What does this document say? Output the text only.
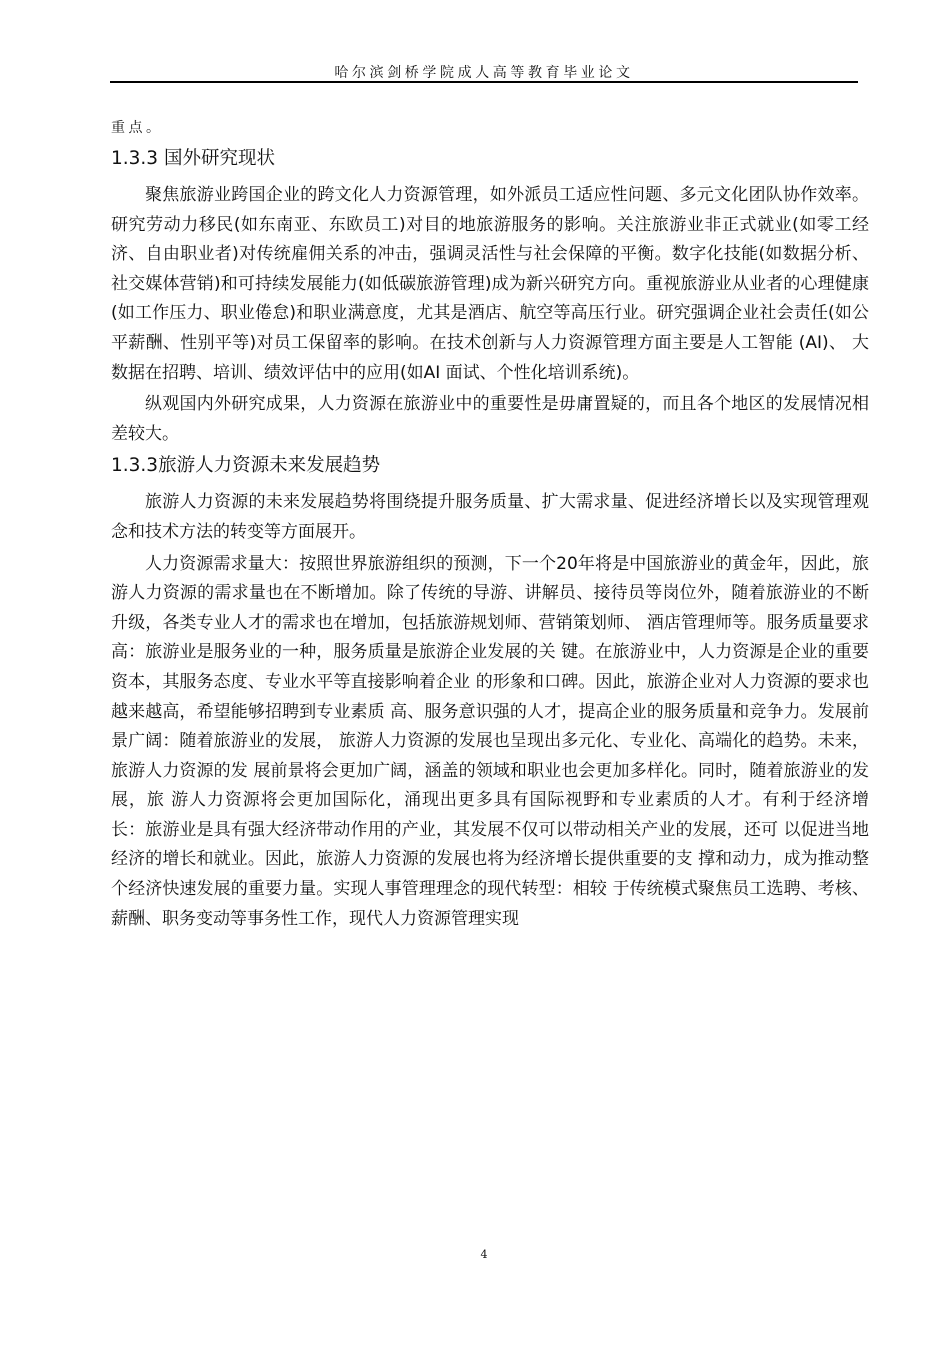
哈尔滨剑桥学院成人高等教育毕业论文
重点。
1.3.3 国外研究现状

聚焦旅游业跨国企业的跨文化人力资源管理，如外派员工适应性问题、多元文化团队协作效率。研究劳动力移民(如东南亚、东欧员工)对目的地旅游服务的影响。关注旅游业非正式就业(如零工经济、自由职业者)对传统雇佣关系的冲击，强调灵活性与社会保障的平衡。数字化技能(如数据分析、社交媒体营销)和可持续发展能力(如低碳旅游管理)成为新兴研究方向。重视旅游业从业者的心理健康(如工作压力、职业倦怠)和职业满意度，尤其是酒店、航空等高压行业。研究强调企业社会责任(如公平薪酬、性别平等)对员工保留率的影响。在技术创新与人力资源管理方面主要是人工智能 (AI)、 大数据在招聘、培训、绩效评估中的应用(如AI 面试、个性化培训系统)。

纵观国内外研究成果，人力资源在旅游业中的重要性是毋庸置疑的，而且各个地区的发展情况相差较大。

1.3.3旅游人力资源未来发展趋势

旅游人力资源的未来发展趋势将围绕提升服务质量、扩大需求量、促进经济增长以及实现管理观念和技术方法的转变等方面展开。

人力资源需求量大：按照世界旅游组织的预测，下一个20年将是中国旅游业的黄金年，因此，旅游人力资源的需求量也在不断增加。除了传统的导游、讲解员、接待员等岗位外，随着旅游业的不断升级，各类专业人才的需求也在增加，包括旅游规划师、营销策划师、 酒店管理师等。服务质量要求高：旅游业是服务业的一种，服务质量是旅游企业发展的关 键。在旅游业中，人力资源是企业的重要资本，其服务态度、专业水平等直接影响着企业 的形象和口碑。因此，旅游企业对人力资源的要求也越来越高，希望能够招聘到专业素质 高、服务意识强的人才，提高企业的服务质量和竞争力。发展前景广阔：随着旅游业的发展， 旅游人力资源的发展也呈现出多元化、专业化、高端化的趋势。未来，旅游人力资源的发 展前景将会更加广阔，涵盖的领域和职业也会更加多样化。同时，随着旅游业的发展，旅 游人力资源将会更加国际化，涌现出更多具有国际视野和专业素质的人才。有利于经济增 长：旅游业是具有强大经济带动作用的产业，其发展不仅可以带动相关产业的发展，还可 以促进当地经济的增长和就业。因此，旅游人力资源的发展也将为经济增长提供重要的支 撑和动力，成为推动整个经济快速发展的重要力量。实现人事管理理念的现代转型：相较 于传统模式聚焦员工选聘、考核、薪酬、职务变动等事务性工作，现代人力资源管理实现

4
